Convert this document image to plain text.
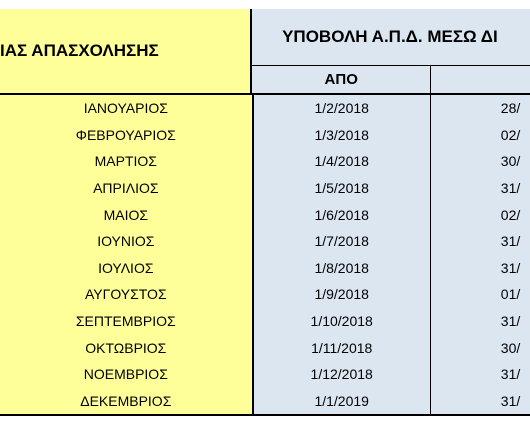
ΙΑΣ ΑΠΑΣΧΟΛΗΣΗΣ	ΥΠΟΒΟΛΗ Α.Π.Δ. ΜΕΣΩ ΔΙ	

	ΑΠΟ	
ΙΑΝΟΥΑΡΙΟΣ	1/2/2018	28/
ΦΕΒΡΟΥΑΡΙΟΣ	1/3/2018	02/
ΜΑΡΤΙΟΣ	1/4/2018	30/
ΑΠΡΙΛΙΟΣ	1/5/2018	31/
ΜΑΙΟΣ	1/6/2018	02/
ΙΟΥΝΙΟΣ	1/7/2018	31/
ΙΟΥΛΙΟΣ	1/8/2018	31/
ΑΥΓΟΥΣΤΟΣ	1/9/2018	01/
ΣΕΠΤΕΜΒΡΙΟΣ	1/10/2018	31/
ΟΚΤΩΒΡΙΟΣ	1/11/2018	30/
ΝΟΕΜΒΡΙΟΣ	1/12/2018	31/
ΔΕΚΕΜΒΡΙΟΣ	1/1/2019	31/
